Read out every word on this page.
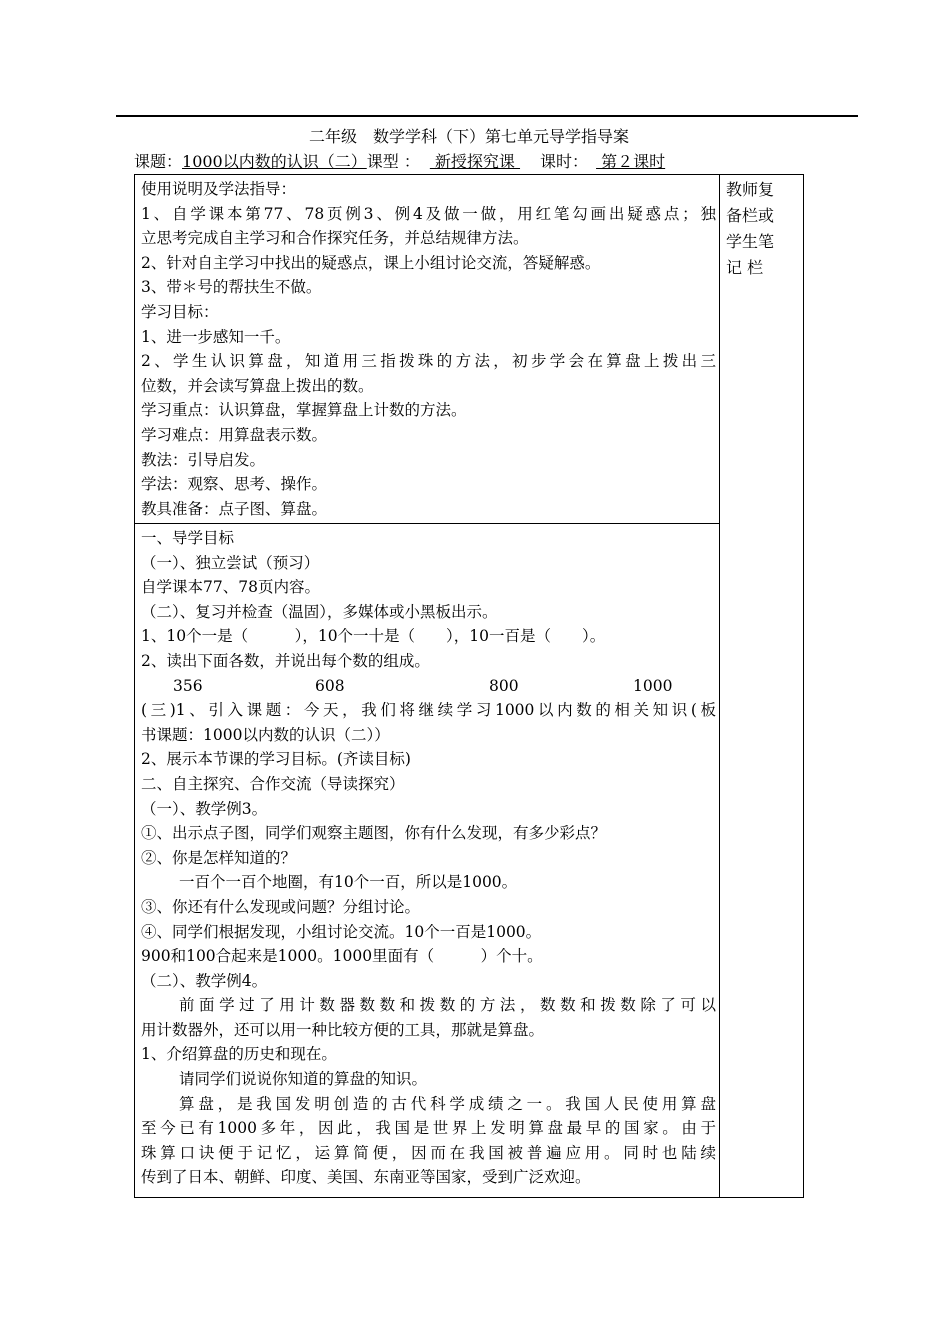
二年级　数学学科（下）第七单元导学指导案
课题：1000以内数的认识（二）课型 ： 新授探究课 课时： 第２课时
使用说明及学法指导：
1、自学课本第77、78页例3、例4及做一做，用红笔勾画出疑惑点；独
立思考完成自主学习和合作探究任务，并总结规律方法。
2、针对自主学习中找出的疑惑点，课上小组讨论交流，答疑解惑。
3、带＊号的帮扶生不做。
学习目标：
1、进一步感知一千。
2、学生认识算盘，知道用三指拨珠的方法，初步学会在算盘上拨出三
位数，并会读写算盘上拨出的数。
学习重点：认识算盘，掌握算盘上计数的方法。
学习难点：用算盘表示数。
教法：引导启发。
学法：观察、思考、操作。
教具准备：点子图、算盘。
一、导学目标
（一）、独立尝试（预习）
自学课本77、78页内容。
（二）、复习并检查（温固），多媒体或小黑板出示。
1、10个一是（　　　），10个一十是（　　），10一百是（　　）。
2、读出下面各数，并说出每个数的组成。
356	608	800	1000
(三)1、引入课题：今天，我们将继续学习1000以内数的相关知识(板
书课题：1000以内数的认识（二））
2、展示本节课的学习目标。(齐读目标)
二、自主探究、合作交流（导读探究）
（一）、教学例3。
①、出示点子图，同学们观察主题图，你有什么发现，有多少彩点？
②、你是怎样知道的？
一百个一百个地圈，有10个一百，所以是1000。
③、你还有什么发现或问题？分组讨论。
④、同学们根据发现，小组讨论交流。10个一百是1000。
900和100合起来是1000。1000里面有（　　　）个十。
（二）、教学例4。
前面学过了用计数器数数和拨数的方法，数数和拨数除了可以
用计数器外，还可以用一种比较方便的工具，那就是算盘。
1、介绍算盘的历史和现在。
请同学们说说你知道的算盘的知识。
算盘，是我国发明创造的古代科学成绩之一。我国人民使用算盘
至今已有1000多年，因此，我国是世界上发明算盘最早的国家。由于
珠算口诀便于记忆，运算简便，因而在我国被普遍应用。同时也陆续
传到了日本、朝鲜、印度、美国、东南亚等国家，受到广泛欢迎。
教师复
备栏或
学生笔
记 栏
